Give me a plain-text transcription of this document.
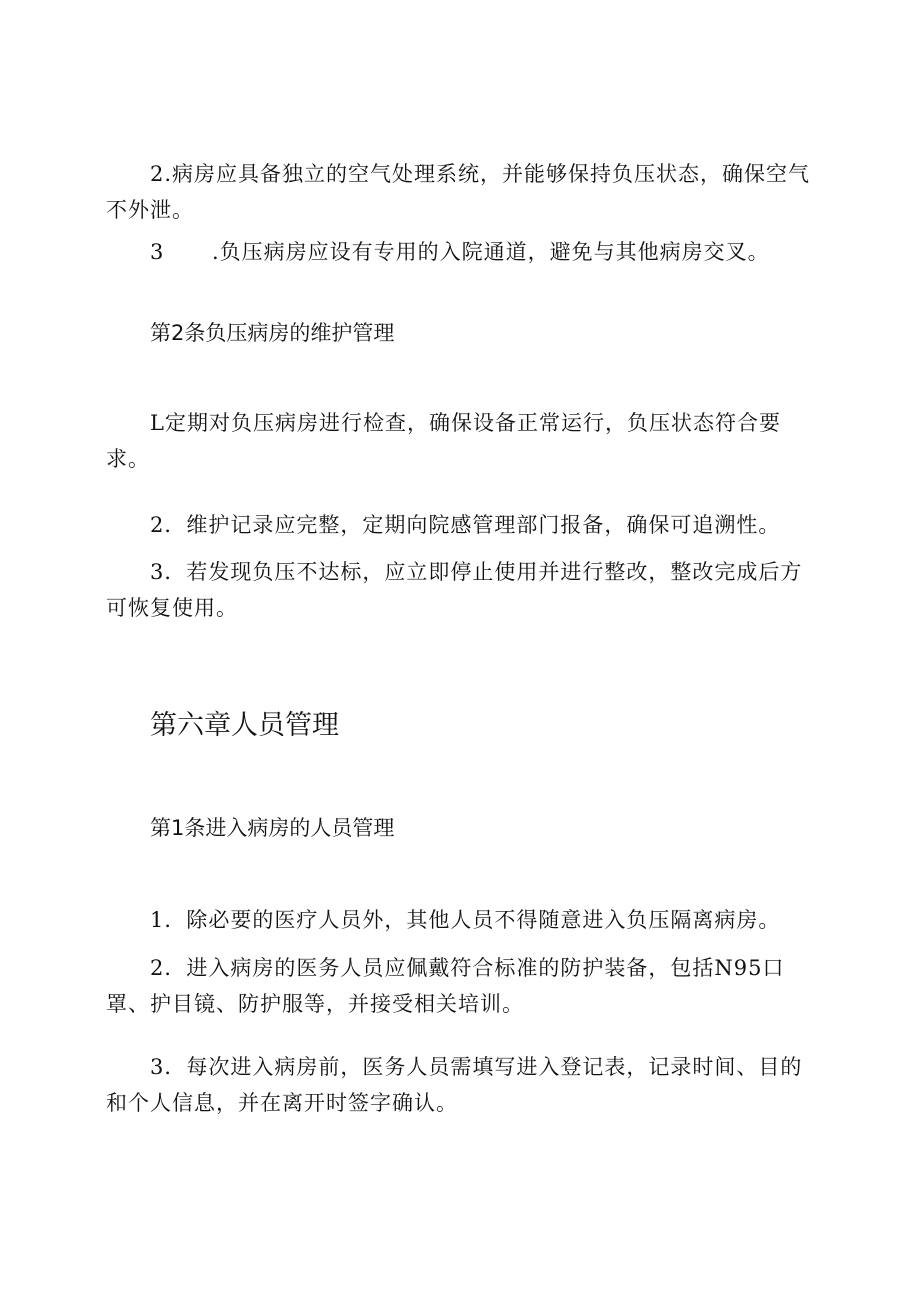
2.病房应具备独立的空气处理系统，并能够保持负压状态，确保空气不外泄。

3 .负压病房应设有专用的入院通道，避免与其他病房交叉。

第2条负压病房的维护管理

L定期对负压病房进行检查，确保设备正常运行，负压状态符合要求。

2．维护记录应完整，定期向院感管理部门报备，确保可追溯性。

3．若发现负压不达标，应立即停止使用并进行整改，整改完成后方可恢复使用。

第六章人员管理
第1条进入病房的人员管理

1．除必要的医疗人员外，其他人员不得随意进入负压隔离病房。

2．进入病房的医务人员应佩戴符合标准的防护装备，包括N95口罩、护目镜、防护服等，并接受相关培训。

3．每次进入病房前，医务人员需填写进入登记表，记录时间、目的和个人信息，并在离开时签字确认。
